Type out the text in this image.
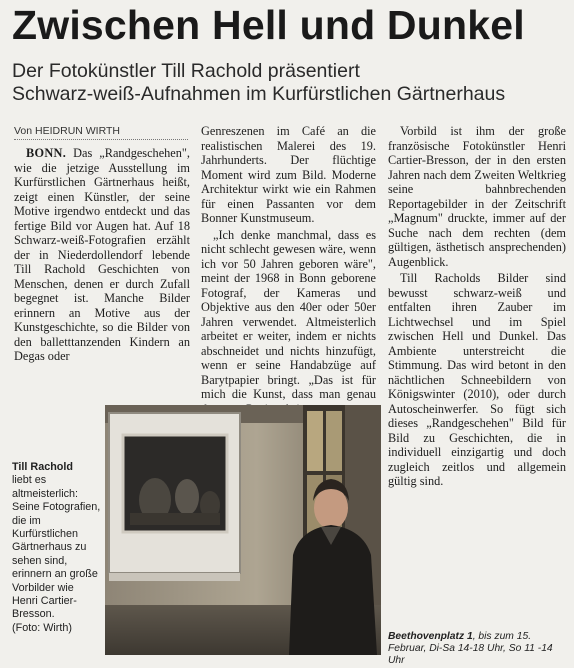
Zwischen Hell und Dunkel
Der Fotokünstler Till Rachold präsentiert
Schwarz-weiß-Aufnahmen im Kurfürstlichen Gärtnerhaus
Von HEIDRUN WIRTH

BONN. Das „Randgeschehen", wie die jetzige Ausstellung im Kurfürstlichen Gärtnerhaus heißt, zeigt einen Künstler, der seine Motive irgendwo entdeckt und das fertige Bild vor Augen hat. Auf 18 Schwarz-weiß-Fotografien erzählt der in Niederdollendorf lebende Till Rachold Geschichten von Menschen, denen er durch Zufall begegnet ist. Manche Bilder erinnern an Motive aus der Kunstgeschichte, so die Bilder von den balletttanzenden Kindern an Degas oder

Genreszenen im Café an die realistischen Malerei des 19. Jahrhunderts. Der flüchtige Moment wird zum Bild. Moderne Architektur wirkt wie ein Rahmen für einen Passanten vor dem Bonner Kunstmuseum.

„Ich denke manchmal, dass es nicht schlecht gewesen wäre, wenn ich vor 50 Jahren geboren wäre", meint der 1968 in Bonn geborene Fotograf, der Kameras und Objektive aus den 40er oder 50er Jahren verwendet. Altmeisterlich arbeitet er weiter, indem er nichts abschneidet und nichts hinzufügt, wenn er seine Handabzüge auf Barytpapier bringt. „Das ist für mich die Kunst, dass man genau

Vorbild ist ihm der große französische Fotokünstler Henri Cartier-Bresson, der in den ersten Jahren nach dem Zweiten Weltkrieg seine bahnbrechenden Reportagebilder in der Zeitschrift „Magnum" druckte, immer auf der Suche nach dem rechten (dem gültigen, ästhetisch ansprechenden) Augenblick.

Till Racholds Bilder sind bewusst schwarz-weiß und entfalten ihren Zauber im Lichtwechsel und im Spiel zwischen Hell und Dunkel. Das Ambiente unterstreicht die Stimmung. Das wird betont in den nächtlichen Schneebildern von Königswinter (2010), oder durch Autoscheinwerfer. So fügt sich dieses „Randgeschehen" Bild für Bild zu Geschichten, die in individuell einzigartig und doch zugleich zeitlos und allgemein gültig sind.

Till Rachold
liebt es altmeisterlich: Seine Fotografien, die im Kurfürstlichen Gärtnerhaus zu sehen sind, erinnern an große Vorbilder wie Henri Cartier-Bresson.
(Foto: Wirth)
Beethovenplatz 1, bis zum 15. Februar, Di-Sa 14-18 Uhr, So 11 -14 Uhr
